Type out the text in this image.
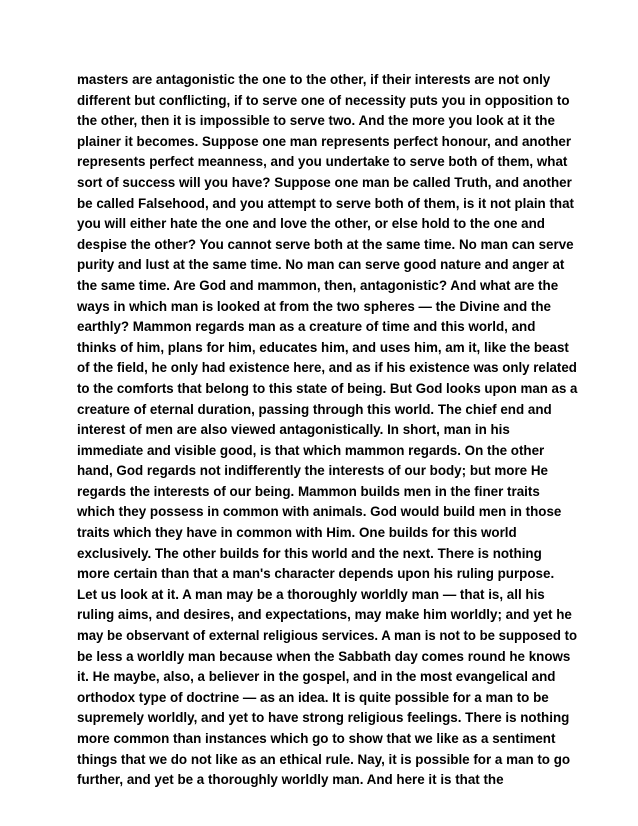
masters are antagonistic the one to the other, if their interests are not only
different but conflicting, if to serve one of necessity puts you in opposition to
the other, then it is impossible to serve two. And the more you look at it the
plainer it becomes. Suppose one man represents perfect honour, and another
represents perfect meanness, and you undertake to serve both of them, what
sort of success will you have? Suppose one man be called Truth, and another
be called Falsehood, and you attempt to serve both of them, is it not plain that
you will either hate the one and love the other, or else hold to the one and
despise the other? You cannot serve both at the same time. No man can serve
purity and lust at the same time. No man can serve good nature and anger at
the same time. Are God and mammon, then, antagonistic? And what are the
ways in which man is looked at from the two spheres — the Divine and the
earthly? Mammon regards man as a creature of time and this world, and
thinks of him, plans for him, educates him, and uses him, am it, like the beast
of the field, he only had existence here, and as if his existence was only related
to the comforts that belong to this state of being. But God looks upon man as a
creature of eternal duration, passing through this world. The chief end and
interest of men are also viewed antagonistically. In short, man in his
immediate and visible good, is that which mammon regards. On the other
hand, God regards not indifferently the interests of our body; but more He
regards the interests of our being. Mammon builds men in the finer traits
which they possess in common with animals. God would build men in those
traits which they have in common with Him. One builds for this world
exclusively. The other builds for this world and the next. There is nothing
more certain than that a man's character depends upon his ruling purpose.
Let us look at it. A man may be a thoroughly worldly man — that is, all his
ruling aims, and desires, and expectations, may make him worldly; and yet he
may be observant of external religious services. A man is not to be supposed to
be less a worldly man because when the Sabbath day comes round he knows
it. He maybe, also, a believer in the gospel, and in the most evangelical and
orthodox type of doctrine — as an idea. It is quite possible for a man to be
supremely worldly, and yet to have strong religious feelings. There is nothing
more common than instances which go to show that we like as a sentiment
things that we do not like as an ethical rule. Nay, it is possible for a man to go
further, and yet be a thoroughly worldly man. And here it is that the
